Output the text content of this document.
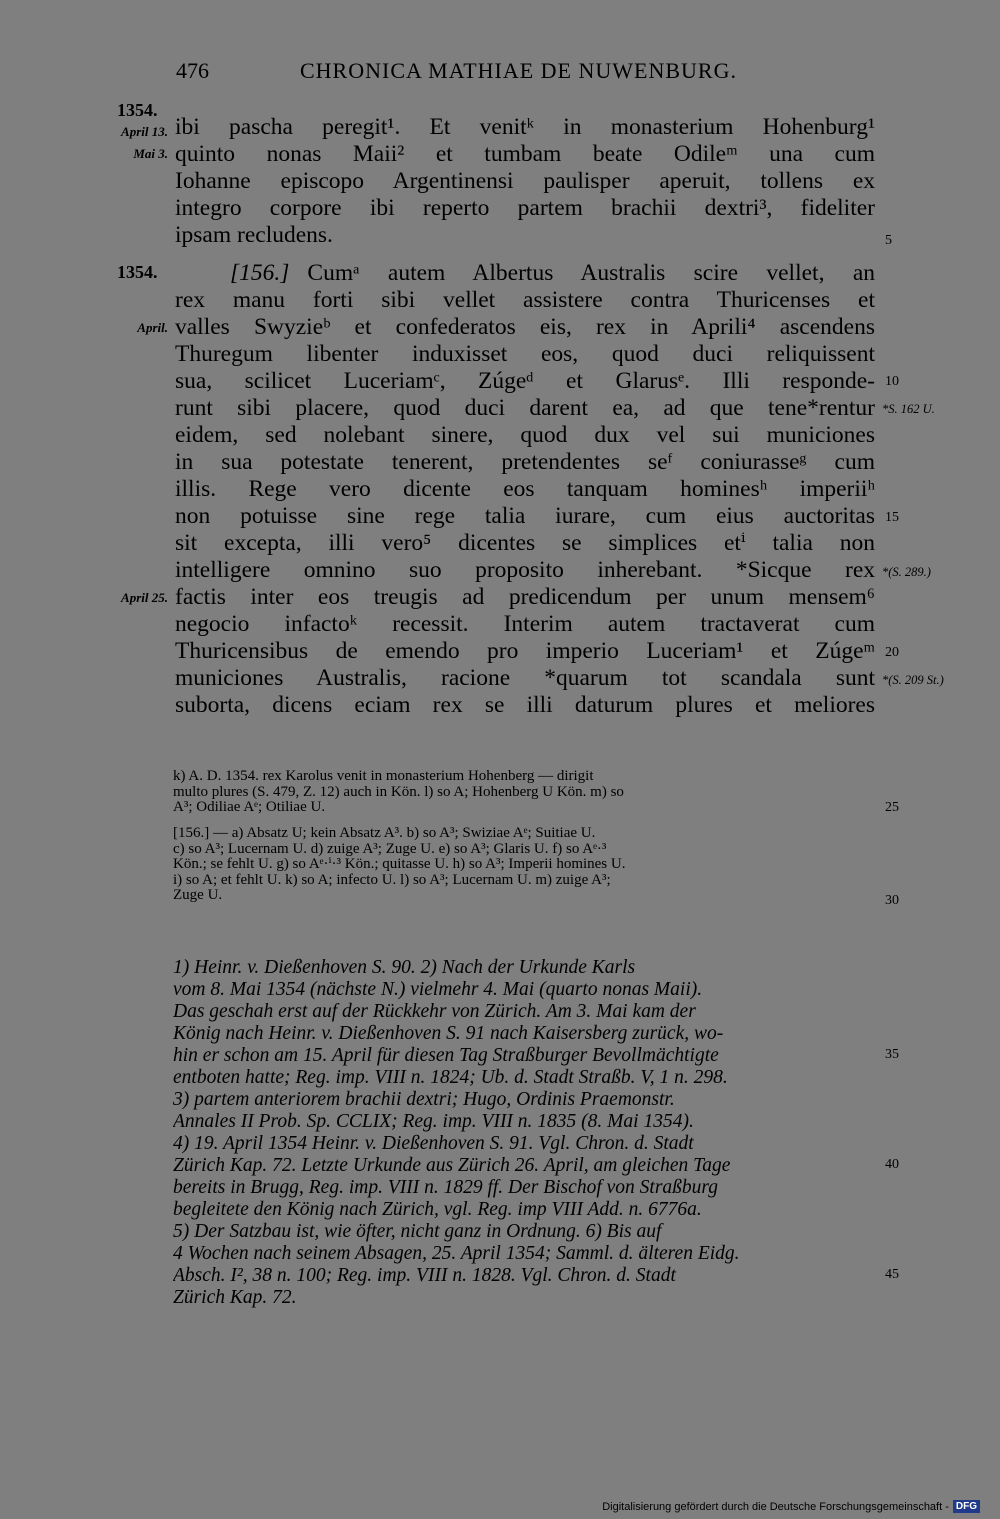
476	CHRONICA MATHIAE DE NUWENBURG.
1354.
April 13.
Mai 3.
1354.
April.
April 25.
ibi pascha peregit¹. Et venitᵏ in monasterium Hohenburg¹
quinto nonas Maii² et tumbam beate Odileᵐ una cum
Iohanne episcopo Argentinensi paulisper aperuit, tollens ex
integro corpore ibi reperto partem brachii dextri³, fideliter
ipsam recludens.
[156.] Cumᵃ autem Albertus Australis scire vellet, an
rex manu forti sibi vellet assistere contra Thuricenses et
valles Swyzieᵇ et confederatos eis, rex in Aprili⁴ ascendens
Thuregum libenter induxisset eos, quod duci reliquissent
sua, scilicet Luceriamᶜ, Zúgeᵈ et Glarusᵉ. Illi responde-
runt sibi placere, quod duci darent ea, ad que tene*rentur
eidem, sed nolebant sinere, quod dux vel sui municiones
in sua potestate tenerent, pretendentes seᶠ coniurasseᵍ cum
illis. Rege vero dicente eos tanquam hominesʰ imperiiʰ
non potuisse sine rege talia iurare, cum eius auctoritas
sit excepta, illi vero⁵ dicentes se simplices etⁱ talia non
intelligere omnino suo proposito inherebant. *Sicque rex
factis inter eos treugis ad predicendum per unum mensem⁶
negocio infactoᵏ recessit. Interim autem tractaverat cum
Thuricensibus de emendo pro imperio Luceriam¹ et Zúgeᵐ
municiones Australis, racione *quarum tot scandala sunt
suborta, dicens eciam rex se illi daturum plures et meliores
5
10
15
20
25
30
35
40
45
*S. 162 U.
*(S. 289.)
*(S. 209 St.)
k) A. D. 1354. rex Karolus venit in monasterium Hohenberg — dirigit
multo plures (S. 479, Z. 12) auch in Kön. l) so A; Hohenberg U Kön. m) so
A³; Odiliae Aᵉ; Otiliae U.
[156.] — a) Absatz U; kein Absatz A³. b) so A³; Swiziae Aᵉ; Suitiae U.
c) so A³; Lucernam U. d) zuige A³; Zuge U. e) so A³; Glaris U. f) so Aᵉ·³
Kön.; se fehlt U. g) so Aᵉ·ⁱ·³ Kön.; quitasse U. h) so A³; Imperii homines U.
i) so A; et fehlt U. k) so A; infecto U. l) so A³; Lucernam U. m) zuige A³;
Zuge U.
1) Heinr. v. Dießenhoven S. 90. 2) Nach der Urkunde Karls
vom 8. Mai 1354 (nächste N.) vielmehr 4. Mai (quarto nonas Maii).
Das geschah erst auf der Rückkehr von Zürich. Am 3. Mai kam der
König nach Heinr. v. Dießenhoven S. 91 nach Kaisersberg zurück, wo-
hin er schon am 15. April für diesen Tag Straßburger Bevollmächtigte
entboten hatte; Reg. imp. VIII n. 1824; Ub. d. Stadt Straßb. V, 1 n. 298.
3) partem anteriorem brachii dextri; Hugo, Ordinis Praemonstr.
Annales II Prob. Sp. CCLIX; Reg. imp. VIII n. 1835 (8. Mai 1354).
4) 19. April 1354 Heinr. v. Dießenhoven S. 91. Vgl. Chron. d. Stadt
Zürich Kap. 72. Letzte Urkunde aus Zürich 26. April, am gleichen Tage
bereits in Brugg, Reg. imp. VIII n. 1829 ff. Der Bischof von Straßburg
begleitete den König nach Zürich, vgl. Reg. imp VIII Add. n. 6776a.
5) Der Satzbau ist, wie öfter, nicht ganz in Ordnung. 6) Bis auf
4 Wochen nach seinem Absagen, 25. April 1354; Samml. d. älteren Eidg.
Absch. I², 38 n. 100; Reg. imp. VIII n. 1828. Vgl. Chron. d. Stadt
Zürich Kap. 72.
Digitalisierung gefördert durch die Deutsche Forschungsgemeinschaft - DFG
